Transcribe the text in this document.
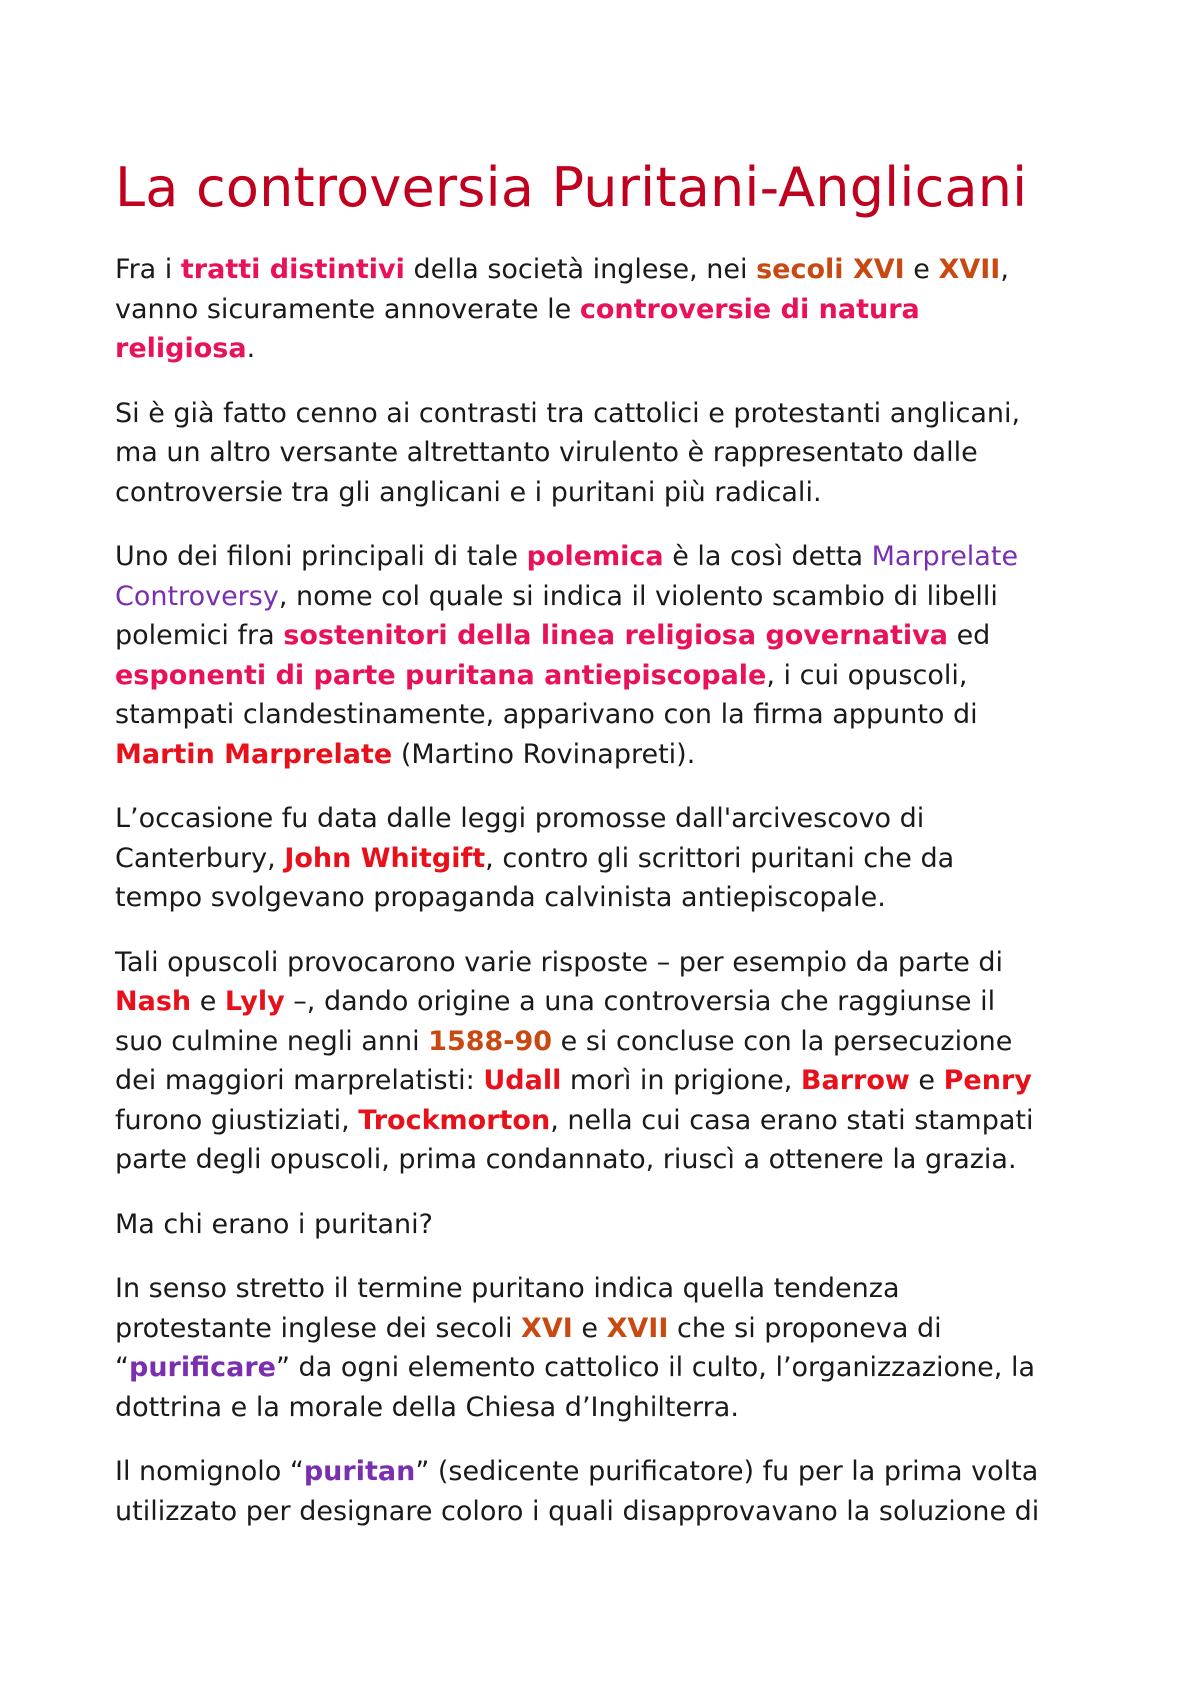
La controversia Puritani-Anglicani

Fra i tratti distintivi della società inglese, nei secoli XVI e XVII,
vanno sicuramente annoverate le controversie di natura
religiosa.

Si è già fatto cenno ai contrasti tra cattolici e protestanti anglicani,
ma un altro versante altrettanto virulento è rappresentato dalle
controversie tra gli anglicani e i puritani più radicali.

Uno dei filoni principali di tale polemica è la così detta Marprelate
Controversy, nome col quale si indica il violento scambio di libelli
polemici fra sostenitori della linea religiosa governativa ed
esponenti di parte puritana antiepiscopale, i cui opuscoli,
stampati clandestinamente, apparivano con la firma appunto di
Martin Marprelate (Martino Rovinapreti).

L’occasione fu data dalle leggi promosse dall'arcivescovo di
Canterbury, John Whitgift, contro gli scrittori puritani che da
tempo svolgevano propaganda calvinista antiepiscopale.

Tali opuscoli provocarono varie risposte – per esempio da parte di
Nash e Lyly –, dando origine a una controversia che raggiunse il
suo culmine negli anni 1588-90 e si concluse con la persecuzione
dei maggiori marprelatisti: Udall morì in prigione, Barrow e Penry
furono giustiziati, Trockmorton, nella cui casa erano stati stampati
parte degli opuscoli, prima condannato, riuscì a ottenere la grazia.

Ma chi erano i puritani?

In senso stretto il termine puritano indica quella tendenza
protestante inglese dei secoli XVI e XVII che si proponeva di
“purificare” da ogni elemento cattolico il culto, l’organizzazione, la
dottrina e la morale della Chiesa d’Inghilterra.

Il nomignolo “puritan” (sedicente purificatore) fu per la prima volta
utilizzato per designare coloro i quali disapprovavano la soluzione di
